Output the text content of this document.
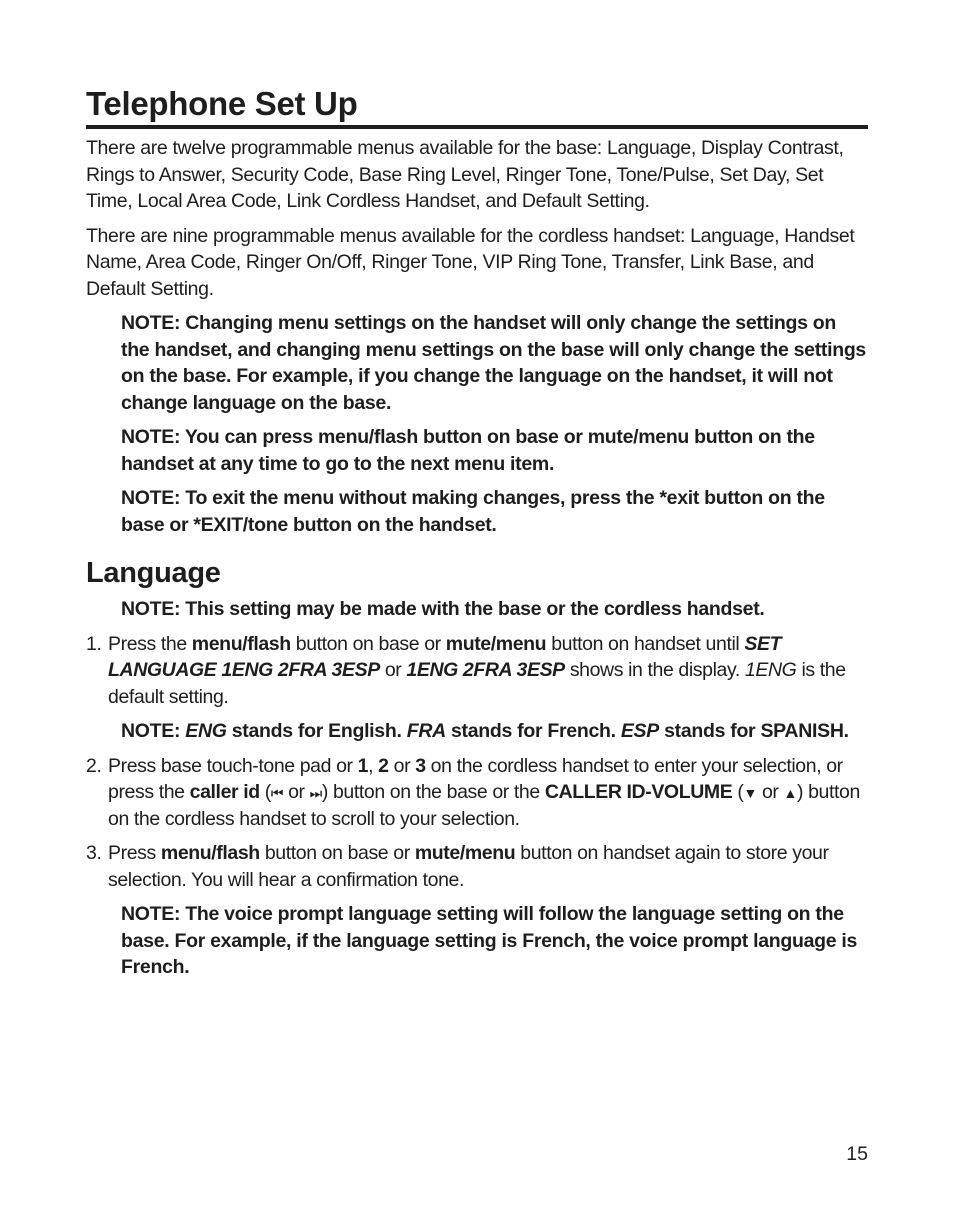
Telephone Set Up

There are twelve programmable menus available for the base: Language, Display Contrast, Rings to Answer, Security Code, Base Ring Level, Ringer Tone, Tone/Pulse, Set Day, Set Time, Local Area Code, Link Cordless Handset, and Default Setting.

There are nine programmable menus available for the cordless handset: Language, Handset Name, Area Code, Ringer On/Off, Ringer Tone, VIP Ring Tone, Transfer, Link Base, and Default Setting.

NOTE: Changing menu settings on the handset will only change the settings on the handset, and changing menu settings on the base will only change the settings on the base. For example, if you change the language on the handset, it will not change language on the base.

NOTE: You can press menu/flash button on base or mute/menu button on the handset at any time to go to the next menu item.

NOTE: To exit the menu without making changes, press the *exit button on the base or *EXIT/tone button on the handset.

Language

NOTE: This setting may be made with the base or the cordless handset.

1. Press the menu/flash button on base or mute/menu button on handset until SET LANGUAGE 1ENG 2FRA 3ESP or 1ENG 2FRA 3ESP shows in the display. 1ENG is the default setting.

NOTE: ENG stands for English. FRA stands for French. ESP stands for SPANISH.

2. Press base touch-tone pad or 1, 2 or 3 on the cordless handset to enter your selection, or press the caller id (⏮ or ⏭) button on the base or the CALLER ID-VOLUME (▼ or ▲) button on the cordless handset to scroll to your selection.
3. Press menu/flash button on base or mute/menu button on handset again to store your selection. You will hear a confirmation tone.

NOTE: The voice prompt language setting will follow the language setting on the base. For example, if the language setting is French, the voice prompt language is French.

15
